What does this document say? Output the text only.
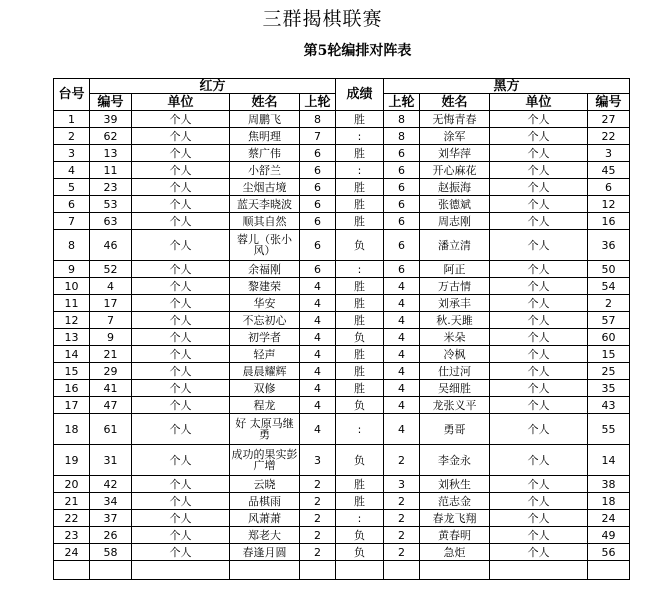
三群揭棋联赛
第5轮编排对阵表
台号	红方				成绩	黑方			
	编号	单位	姓名	上轮		上轮	姓名	单位	编号
1	39	个人	周鹏飞	8	胜	8	无悔青春	个人	27
2	62	个人	焦明理	7	:	8	涂军	个人	22
3	13	个人	蔡广伟	6	胜	6	刘华萍	个人	3
4	11	个人	小舒兰	6	:	6	开心麻花	个人	45
5	23	个人	尘烟古境	6	胜	6	赵振海	个人	6
6	53	个人	蓝天李晓波	6	胜	6	张德斌	个人	12
7	63	个人	顺其自然	6	胜	6	周志刚	个人	16
8	46	个人	蓉儿（张小风）	6	负	6	潘立清	个人	36
9	52	个人	余福刚	6	:	6	阿正	个人	50
10	4	个人	黎建荣	4	胜	4	万古情	个人	54
11	17	个人	华安	4	胜	4	刘承丰	个人	2
12	7	个人	不忘初心	4	胜	4	秋.天雎	个人	57
13	9	个人	初学者	4	负	4	米朵	个人	60
14	21	个人	轻声	4	胜	4	冷枫	个人	15
15	29	个人	晨晨耀辉	4	胜	4	仕过河	个人	25
16	41	个人	双修	4	胜	4	吴细胜	个人	35
17	47	个人	程龙	4	负	4	龙张义平	个人	43
18	61	个人	好 太原马继勇	4	:	4	勇哥	个人	55
19	31	个人	成功的果实彭广增	3	负	2	李金永	个人	14
20	42	个人	云晓	2	胜	3	刘秋生	个人	38
21	34	个人	品棋雨	2	胜	2	范志金	个人	18
22	37	个人	风萧萧	2	:	2	春龙飞翔	个人	24
23	26	个人	郑老大	2	负	2	黄春明	个人	49
24	58	个人	春逢月圆	2	负	2	急炬	个人	56
